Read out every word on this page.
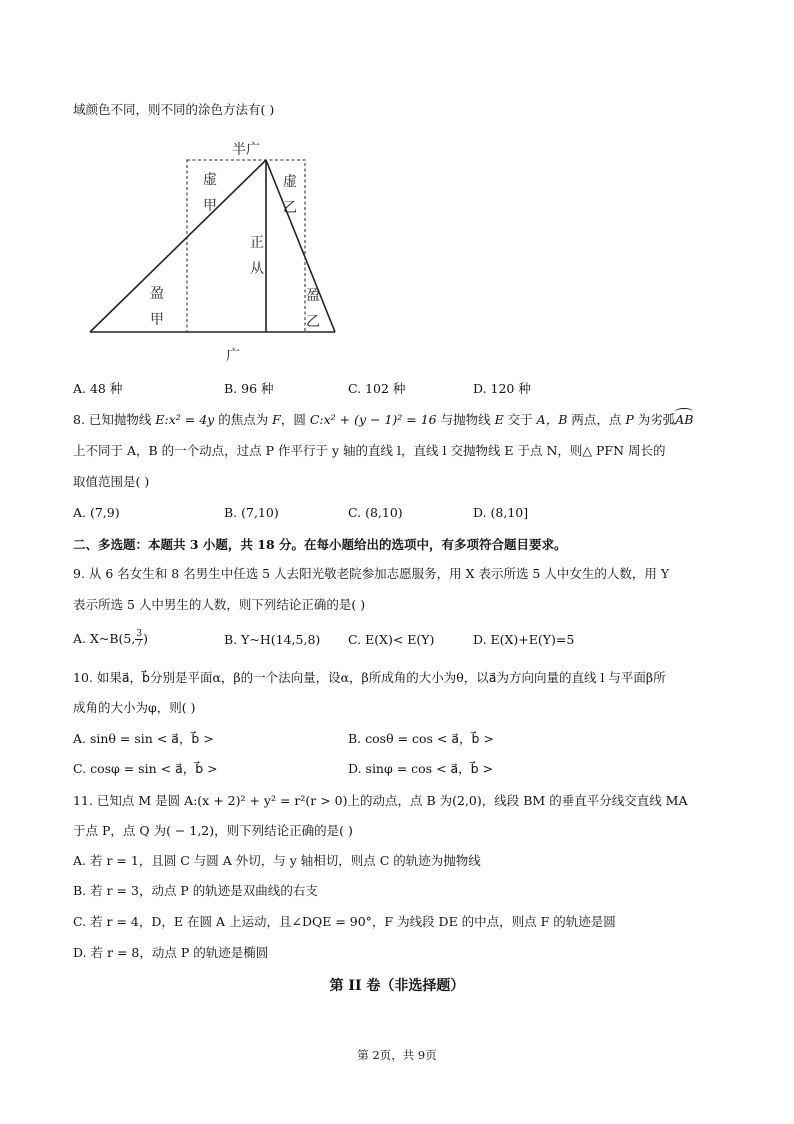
域颜色不同，则不同的涂色方法有( )
半广
虚
甲
虚
乙
正
从
盈
甲
盈
乙
广
A. 48 种	B. 96 种	C. 102 种	D. 120 种
8. 已知抛物线 E:x² = 4y 的焦点为 F，圆 C:x² + (y − 1)² = 16 与抛物线 E 交于 A，B 两点，点 P 为劣弧
AB
上不同于 A，B 的一个动点，过点 P 作平行于 y 轴的直线 l，直线 l 交抛物线 E 于点 N，则△ PFN 周长的
取值范围是( )
A. (7,9)	B. (7,10)	C. (8,10)	D. (8,10]
二、多选题：本题共 3 小题，共 18 分。在每小题给出的选项中，有多项符合题目要求。
9. 从 6 名女生和 8 名男生中任选 5 人去阳光敬老院参加志愿服务，用 X 表示所选 5 人中女生的人数，用 Y
表示所选 5 人中男生的人数，则下列结论正确的是( )
A. X~B(5, $\frac{3}{7}$ )	B. Y~H(14,5,8) C. E(X)< E(Y)	D. E(X)+E(Y)=5
10. 如果a⃗，b⃗分别是平面α，β的一个法向量，设α，β所成角的大小为θ，以a⃗为方向向量的直线 l 与平面β所
成角的大小为φ，则( )
A. sinθ = sin < a⃗，b⃗ >	B. cosθ = cos < a⃗，b⃗ >
C. cosφ = sin < a⃗，b⃗ >	D. sinφ = cos < a⃗，b⃗ >
11. 已知点 M 是圆 A:(x + 2)² + y² = r²(r > 0)上的动点，点 B 为(2,0)，线段 BM 的垂直平分线交直线 MA
于点 P，点 Q 为( − 1,2)，则下列结论正确的是( )
A. 若 r = 1，且圆 C 与圆 A 外切，与 y 轴相切，则点 C 的轨迹为抛物线
B. 若 r = 3，动点 P 的轨迹是双曲线的右支
C. 若 r = 4，D，E 在圆 A 上运动，且∠DQE = 90°，F 为线段 DE 的中点，则点 F 的轨迹是圆
D. 若 r = 8，动点 P 的轨迹是椭圆
第 II 卷（非选择题）
第 2页，共 9页
